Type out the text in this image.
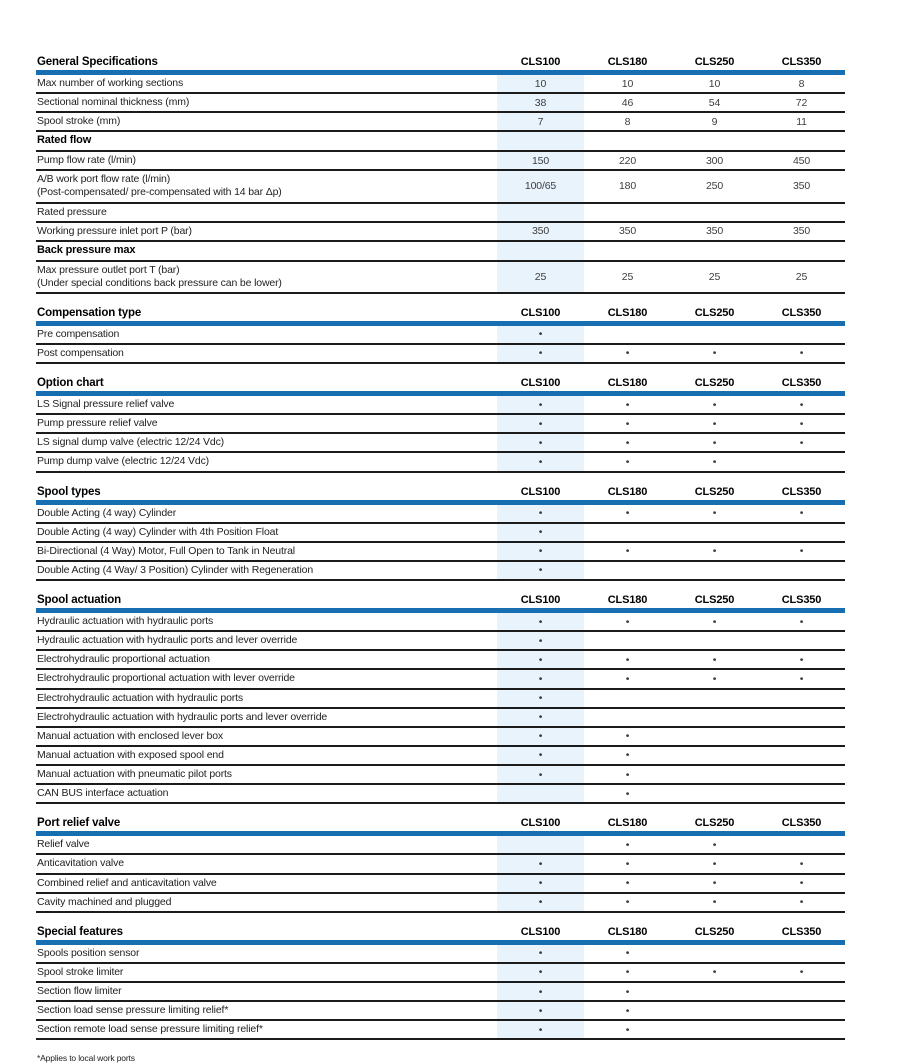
General Specifications	CLS100	CLS180	CLS250	CLS350

Max number of working sections	10	10	10	8

Sectional nominal thickness (mm)	38	46	54	72

Spool stroke (mm)	7	8	9	11

Rated flow				

Pump flow rate (l/min)	150	220	300	450

A/B work port flow rate (l/min)
(Post-compensated/ pre-compensated with 14 bar Δp)	100/65	180	250	350

Rated pressure				

Working pressure inlet port P (bar)	350	350	350	350

Back pressure max				

Max pressure outlet port T (bar)
(Under special conditions back pressure can be lower)	25	25	25	25
Compensation type	CLS100	CLS180	CLS250	CLS350

Pre compensation	•			

Post compensation	•	•	•	•
Option chart	CLS100	CLS180	CLS250	CLS350

LS Signal pressure relief valve	•	•	•	•

Pump pressure relief valve	•	•	•	•

LS signal dump valve (electric 12/24 Vdc)	•	•	•	•

Pump dump valve (electric 12/24 Vdc)	•	•	•	
Spool types	CLS100	CLS180	CLS250	CLS350

Double Acting (4 way) Cylinder	•	•	•	•

Double Acting (4 way) Cylinder with 4th Position Float	•			

Bi-Directional (4 Way) Motor, Full Open to Tank in Neutral	•	•	•	•

Double Acting (4 Way/ 3 Position) Cylinder with Regeneration	•			
Spool actuation	CLS100	CLS180	CLS250	CLS350

Hydraulic actuation with hydraulic ports	•	•	•	•

Hydraulic actuation with hydraulic ports and lever override	•			

Electrohydraulic proportional actuation	•	•	•	•

Electrohydraulic proportional actuation with lever override	•	•	•	•

Electrohydraulic actuation with hydraulic ports	•			

Electrohydraulic actuation with hydraulic ports and lever override	•			

Manual actuation with enclosed lever box	•	•		

Manual actuation with exposed spool end	•	•		

Manual actuation with pneumatic pilot ports	•	•		

CAN BUS interface actuation		•		
Port relief valve	CLS100	CLS180	CLS250	CLS350

Relief valve		•	•	

Anticavitation valve	•	•	•	•

Combined relief and anticavitation valve	•	•	•	•

Cavity machined and plugged	•	•	•	•
Special features	CLS100	CLS180	CLS250	CLS350

Spools position sensor	•	•		

Spool stroke limiter	•	•	•	•

Section flow limiter	•	•		

Section load sense pressure limiting relief*	•	•		

Section remote load sense pressure limiting relief*	•	•		
*Applies to local work ports
